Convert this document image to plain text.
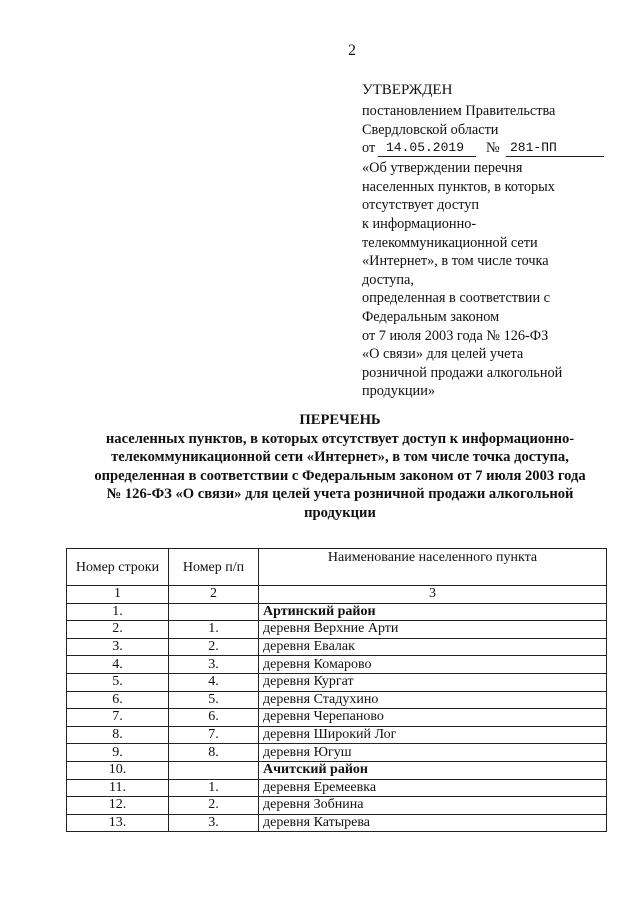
2
УТВЕРЖДЕН
постановлением Правительства
Свердловской области
от 14.05.2019 № 281-ПП
«Об утверждении перечня
населенных пунктов, в которых
отсутствует доступ
к информационно-
телекоммуникационной сети
«Интернет», в том числе точка
доступа,
определенная в соответствии с
Федеральным законом
от 7 июля 2003 года № 126-ФЗ
«О связи» для целей учета
розничной продажи алкогольной
продукции»
ПЕРЕЧЕНЬ
населенных пунктов, в которых отсутствует доступ к информационно-
телекоммуникационной сети «Интернет», в том числе точка доступа,
определенная в соответствии с Федеральным законом от 7 июля 2003 года
№ 126-ФЗ «О связи» для целей учета розничной продажи алкогольной
продукции
Номер строки	Номер п/п	Наименование населенного пункта
1	2	3
1.		Артинский район
2.	1.	деревня Верхние Арти
3.	2.	деревня Евалак
4.	3.	деревня Комарово
5.	4.	деревня Кургат
6.	5.	деревня Стадухино
7.	6.	деревня Черепаново
8.	7.	деревня Широкий Лог
9.	8.	деревня Югуш
10.		Ачитский район
11.	1.	деревня Еремеевка
12.	2.	деревня Зобнина
13.	3.	деревня Катырева
